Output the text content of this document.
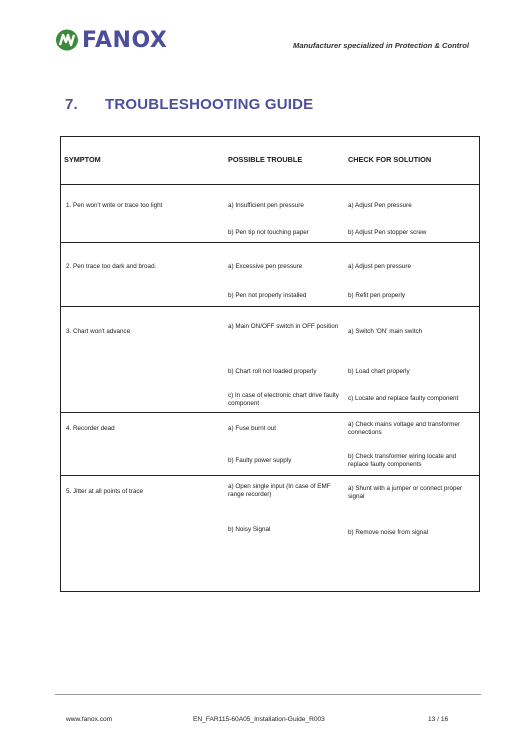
FANOX	Manufacturer specialized in Protection & Control
7. TROUBLESHOOTING GUIDE
SYMPTOM	POSSIBLE TROUBLE	CHECK FOR SOLUTION
1. Pen won't write or trace too light	a) Insufficient pen pressure	a) Adjust Pen pressure
	b) Pen tip not touching paper	b) Adjust Pen stopper screw
2. Pen trace too dark and broad.	a) Excessive pen pressure	a) Adjust pen pressure
	b) Pen not properly installed	b) Refit pen properly
3. Chart won't advance	a) Main ON/OFF switch in OFF position	a) Switch 'ON' main switch
	b) Chart roll not loaded properly	b) Load chart properly
	c) In case of electronic chart drive faulty component	c) Locate and replace faulty component
4. Recorder dead	a) Fuse burnt out	a) Check mains voltage and transformer connections
	b) Faulty power supply	b) Check transformer wiring locate and replace faulty components
5. Jitter at all points of trace	a) Open single input (In case of EMF range recorder)	a) Shunt with a jumper or connect proper signal
	b) Noisy Signal	b) Remove noise from signal
www.fanox.com	EN_FAR115-60A05_Installation-Guide_R003	13 / 16
